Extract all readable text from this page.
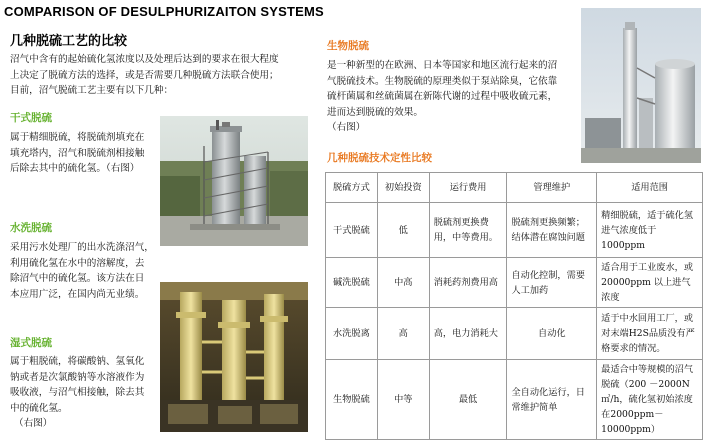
COMPARISON OF DESULPHURIZAITON SYSTEMS
几种脱硫工艺的比较
沼气中含有的起始硫化氢浓度以及处理后达到的要求在很大程度
上决定了脱硫方法的选择，或是否需要几种脱硫方法联合使用；
目前，沼气脱硫工艺主要有以下几种：
干式脱硫
属于精细脱硫，将脱硫剂填充在
填充塔内，沼气和脱硫剂相接触
后除去其中的硫化氢。（右图）
水洗脱硫
采用污水处理厂的出水洗涤沼气，
利用硫化氢在水中的溶解度，去
除沼气中的硫化氢。该方法在日
本应用广泛，在国内尚无业绩。
湿式脱硫
属于粗脱硫，将碳酸钠、氢氧化
钠或者是次氯酸钠等水溶液作为
吸收液，与沼气相接触，除去其
中的硫化氢。
（右图）
生物脱硫
是一种新型的在欧洲、日本等国家和地区流行起来的沼
气脱硫技术。生物脱硫的原理类似于泵站除臭，它依靠
硫杆菌属和丝硫菌属在新陈代谢的过程中吸收硫元素，
进而达到脱硫的效果。
（右图）
几种脱硫技术定性比较
脱硫方式	初始投资	运行费用	管理维护	适用范围
干式脱硫	低	脱硫剂更换费用，中等费用。	脱硫剂更换频繁；结体潜在腐蚀问题	精细脱硫，适于硫化氢进气浓度低于 1000ppm
碱洗脱硫	中高	消耗药剂费用高	自动化控制，需要人工加药	适合用于工业废水，或20000ppm 以上进气浓度
水洗脱离	高	高，电力消耗大	自动化	适于中水回用工厂，或对末端H2S品质没有严格要求的情况。
生物脱硫	中等	最低	全自动化运行，日常维护简单	最适合中等规模的沼气脱硫（200 －2000N㎥/h，硫化氢初始浓度在2000ppm－ 10000ppm）
